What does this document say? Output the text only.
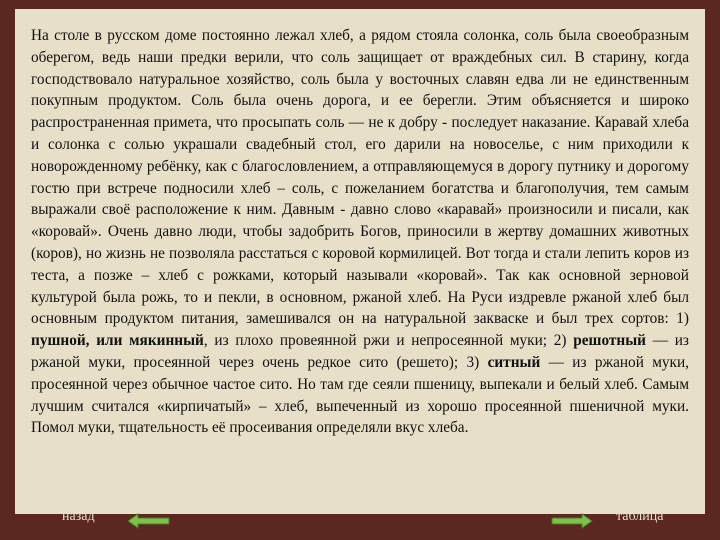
На столе в русском доме постоянно лежал хлеб, а рядом стояла солонка, соль была своеобразным оберегом, ведь наши предки верили, что соль защищает от враждебных сил. В старину, когда господствовало натуральное хозяйство, соль была у восточных славян едва ли не единственным покупным продуктом. Соль была очень дорога, и ее берегли. Этим объясняется и широко распространенная примета, что просыпать соль — не к добру - последует наказание. Каравай хлеба и солонка с солью украшали свадебный стол, его дарили на новоселье, с ним приходили к новорожденному ребёнку, как с благословлением, а отправляющемуся в дорогу путнику и дорогому гостю при встрече подносили хлеб – соль, с пожеланием богатства и благополучия, тем самым выражали своё расположение к ним. Давным - давно слово «каравай» произносили и писали, как «коровай». Очень давно люди, чтобы задобрить Богов, приносили в жертву домашних животных (коров), но жизнь не позволяла расстаться с коровой кормилицей. Вот тогда и стали лепить коров из теста, а позже – хлеб с рожками, который называли «коровай». Так как основной зерновой культурой была рожь, то и пекли, в основном, ржаной хлеб. На Руси издревле ржаной хлеб был основным продуктом питания, замешивался он на натуральной закваске и был трех сортов: 1) пушной, или мякинный, из плохо провеянной ржи и непросеянной муки; 2) решотный — из ржаной муки, просеянной через очень редкое сито (решето); 3) ситный — из ржаной муки, просеянной через обычное частое сито. Но там где сеяли пшеницу, выпекали и белый хлеб. Самым лучшим считался «кирпичатый» – хлеб, выпеченный из хорошо просеянной пшеничной муки. Помол муки, тщательность её просеивания определяли вкус хлеба.

назад	таблица
